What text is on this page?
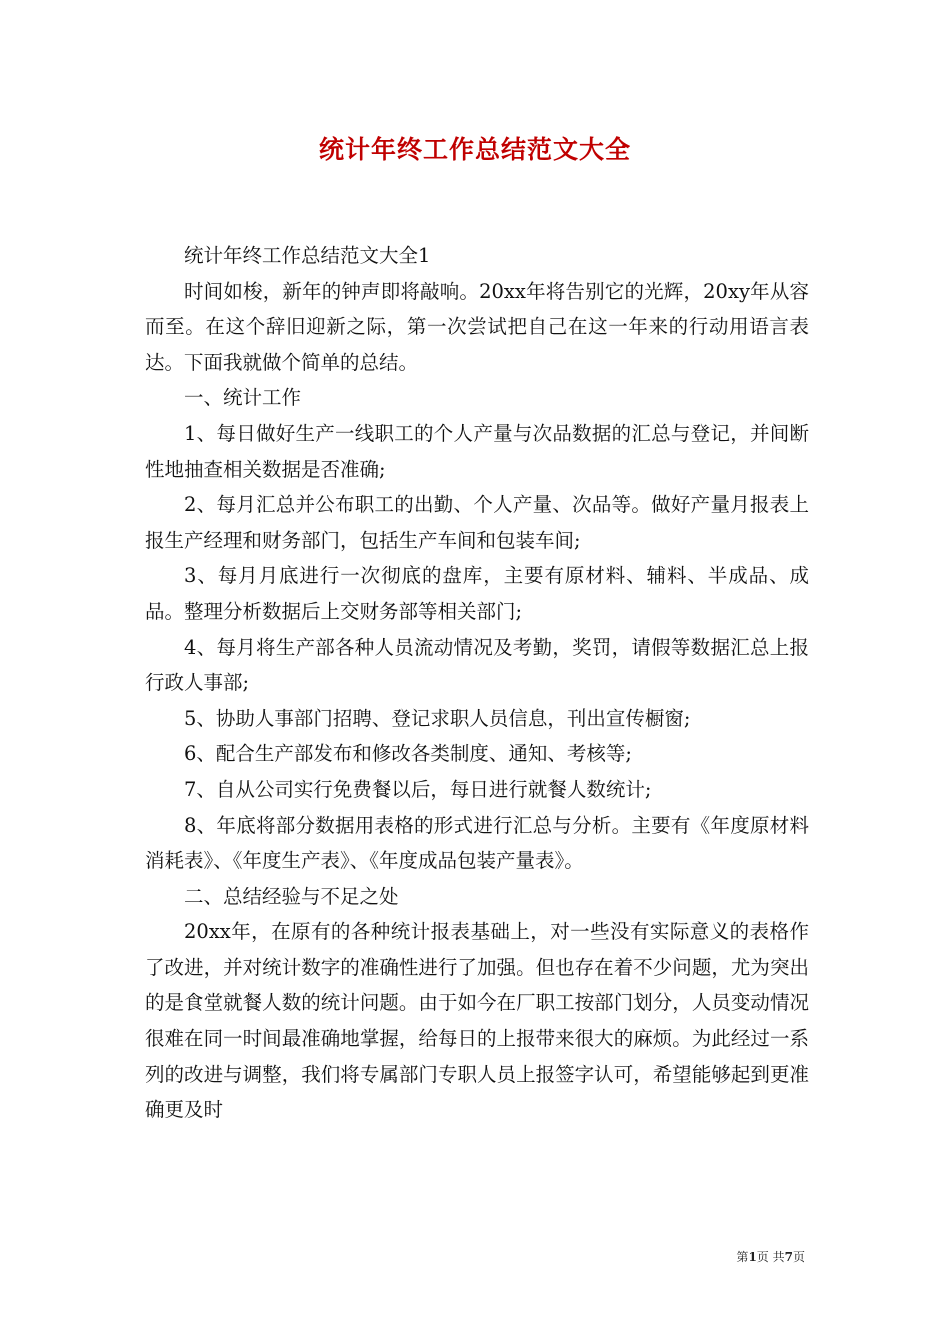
统计年终工作总结范文大全

统计年终工作总结范文大全1

时间如梭，新年的钟声即将敲响。20xx年将告别它的光辉，20xy年从容而至。在这个辞旧迎新之际，第一次尝试把自己在这一年来的行动用语言表达。下面我就做个简单的总结。

一、统计工作

1、每日做好生产一线职工的个人产量与次品数据的汇总与登记，并间断性地抽查相关数据是否准确;

2、每月汇总并公布职工的出勤、个人产量、次品等。做好产量月报表上报生产经理和财务部门，包括生产车间和包装车间;

3、每月月底进行一次彻底的盘库，主要有原材料、辅料、半成品、成品。整理分析数据后上交财务部等相关部门;

4、每月将生产部各种人员流动情况及考勤，奖罚，请假等数据汇总上报行政人事部;

5、协助人事部门招聘、登记求职人员信息，刊出宣传橱窗;

6、配合生产部发布和修改各类制度、通知、考核等;

7、自从公司实行免费餐以后，每日进行就餐人数统计;

8、年底将部分数据用表格的形式进行汇总与分析。主要有《年度原材料消耗表》、《年度生产表》、《年度成品包装产量表》。

二、总结经验与不足之处

20xx年，在原有的各种统计报表基础上，对一些没有实际意义的表格作了改进，并对统计数字的准确性进行了加强。但也存在着不少问题，尤为突出的是食堂就餐人数的统计问题。由于如今在厂职工按部门划分，人员变动情况很难在同一时间最准确地掌握，给每日的上报带来很大的麻烦。为此经过一系列的改进与调整，我们将专属部门专职人员上报签字认可，希望能够起到更准确更及时

第1页 共7页
